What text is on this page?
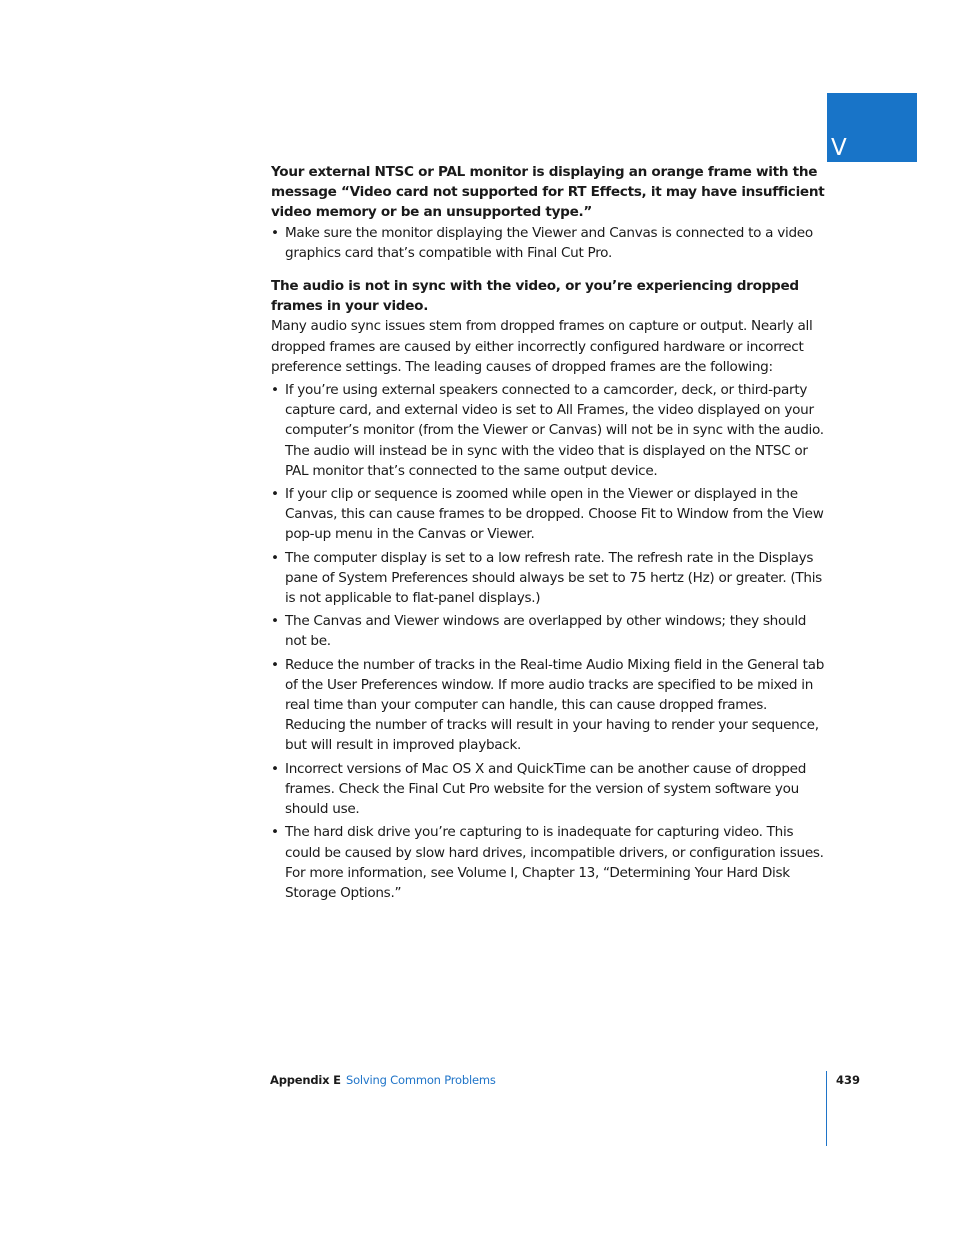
V

Your external NTSC or PAL monitor is displaying an orange frame with the message “Video card not supported for RT Effects, it may have insufficient video memory or be an unsupported type.”

• Make sure the monitor displaying the Viewer and Canvas is connected to a video graphics card that’s compatible with Final Cut Pro.

The audio is not in sync with the video, or you’re experiencing dropped frames in your video.

Many audio sync issues stem from dropped frames on capture or output. Nearly all dropped frames are caused by either incorrectly configured hardware or incorrect preference settings. The leading causes of dropped frames are the following:

• If you’re using external speakers connected to a camcorder, deck, or third-party capture card, and external video is set to All Frames, the video displayed on your computer’s monitor (from the Viewer or Canvas) will not be in sync with the audio. The audio will instead be in sync with the video that is displayed on the NTSC or PAL monitor that’s connected to the same output device.
• If your clip or sequence is zoomed while open in the Viewer or displayed in the Canvas, this can cause frames to be dropped. Choose Fit to Window from the View pop-up menu in the Canvas or Viewer.
• The computer display is set to a low refresh rate. The refresh rate in the Displays pane of System Preferences should always be set to 75 hertz (Hz) or greater. (This is not applicable to flat-panel displays.)
• The Canvas and Viewer windows are overlapped by other windows; they should not be.
• Reduce the number of tracks in the Real-time Audio Mixing field in the General tab of the User Preferences window. If more audio tracks are specified to be mixed in real time than your computer can handle, this can cause dropped frames. Reducing the number of tracks will result in your having to render your sequence, but will result in improved playback.
• Incorrect versions of Mac OS X and QuickTime can be another cause of dropped frames. Check the Final Cut Pro website for the version of system software you should use.
• The hard disk drive you’re capturing to is inadequate for capturing video. This could be caused by slow hard drives, incompatible drivers, or configuration issues. For more information, see Volume I, Chapter 13, “Determining Your Hard Disk Storage Options.”
Appendix E Solving Common Problems	439
